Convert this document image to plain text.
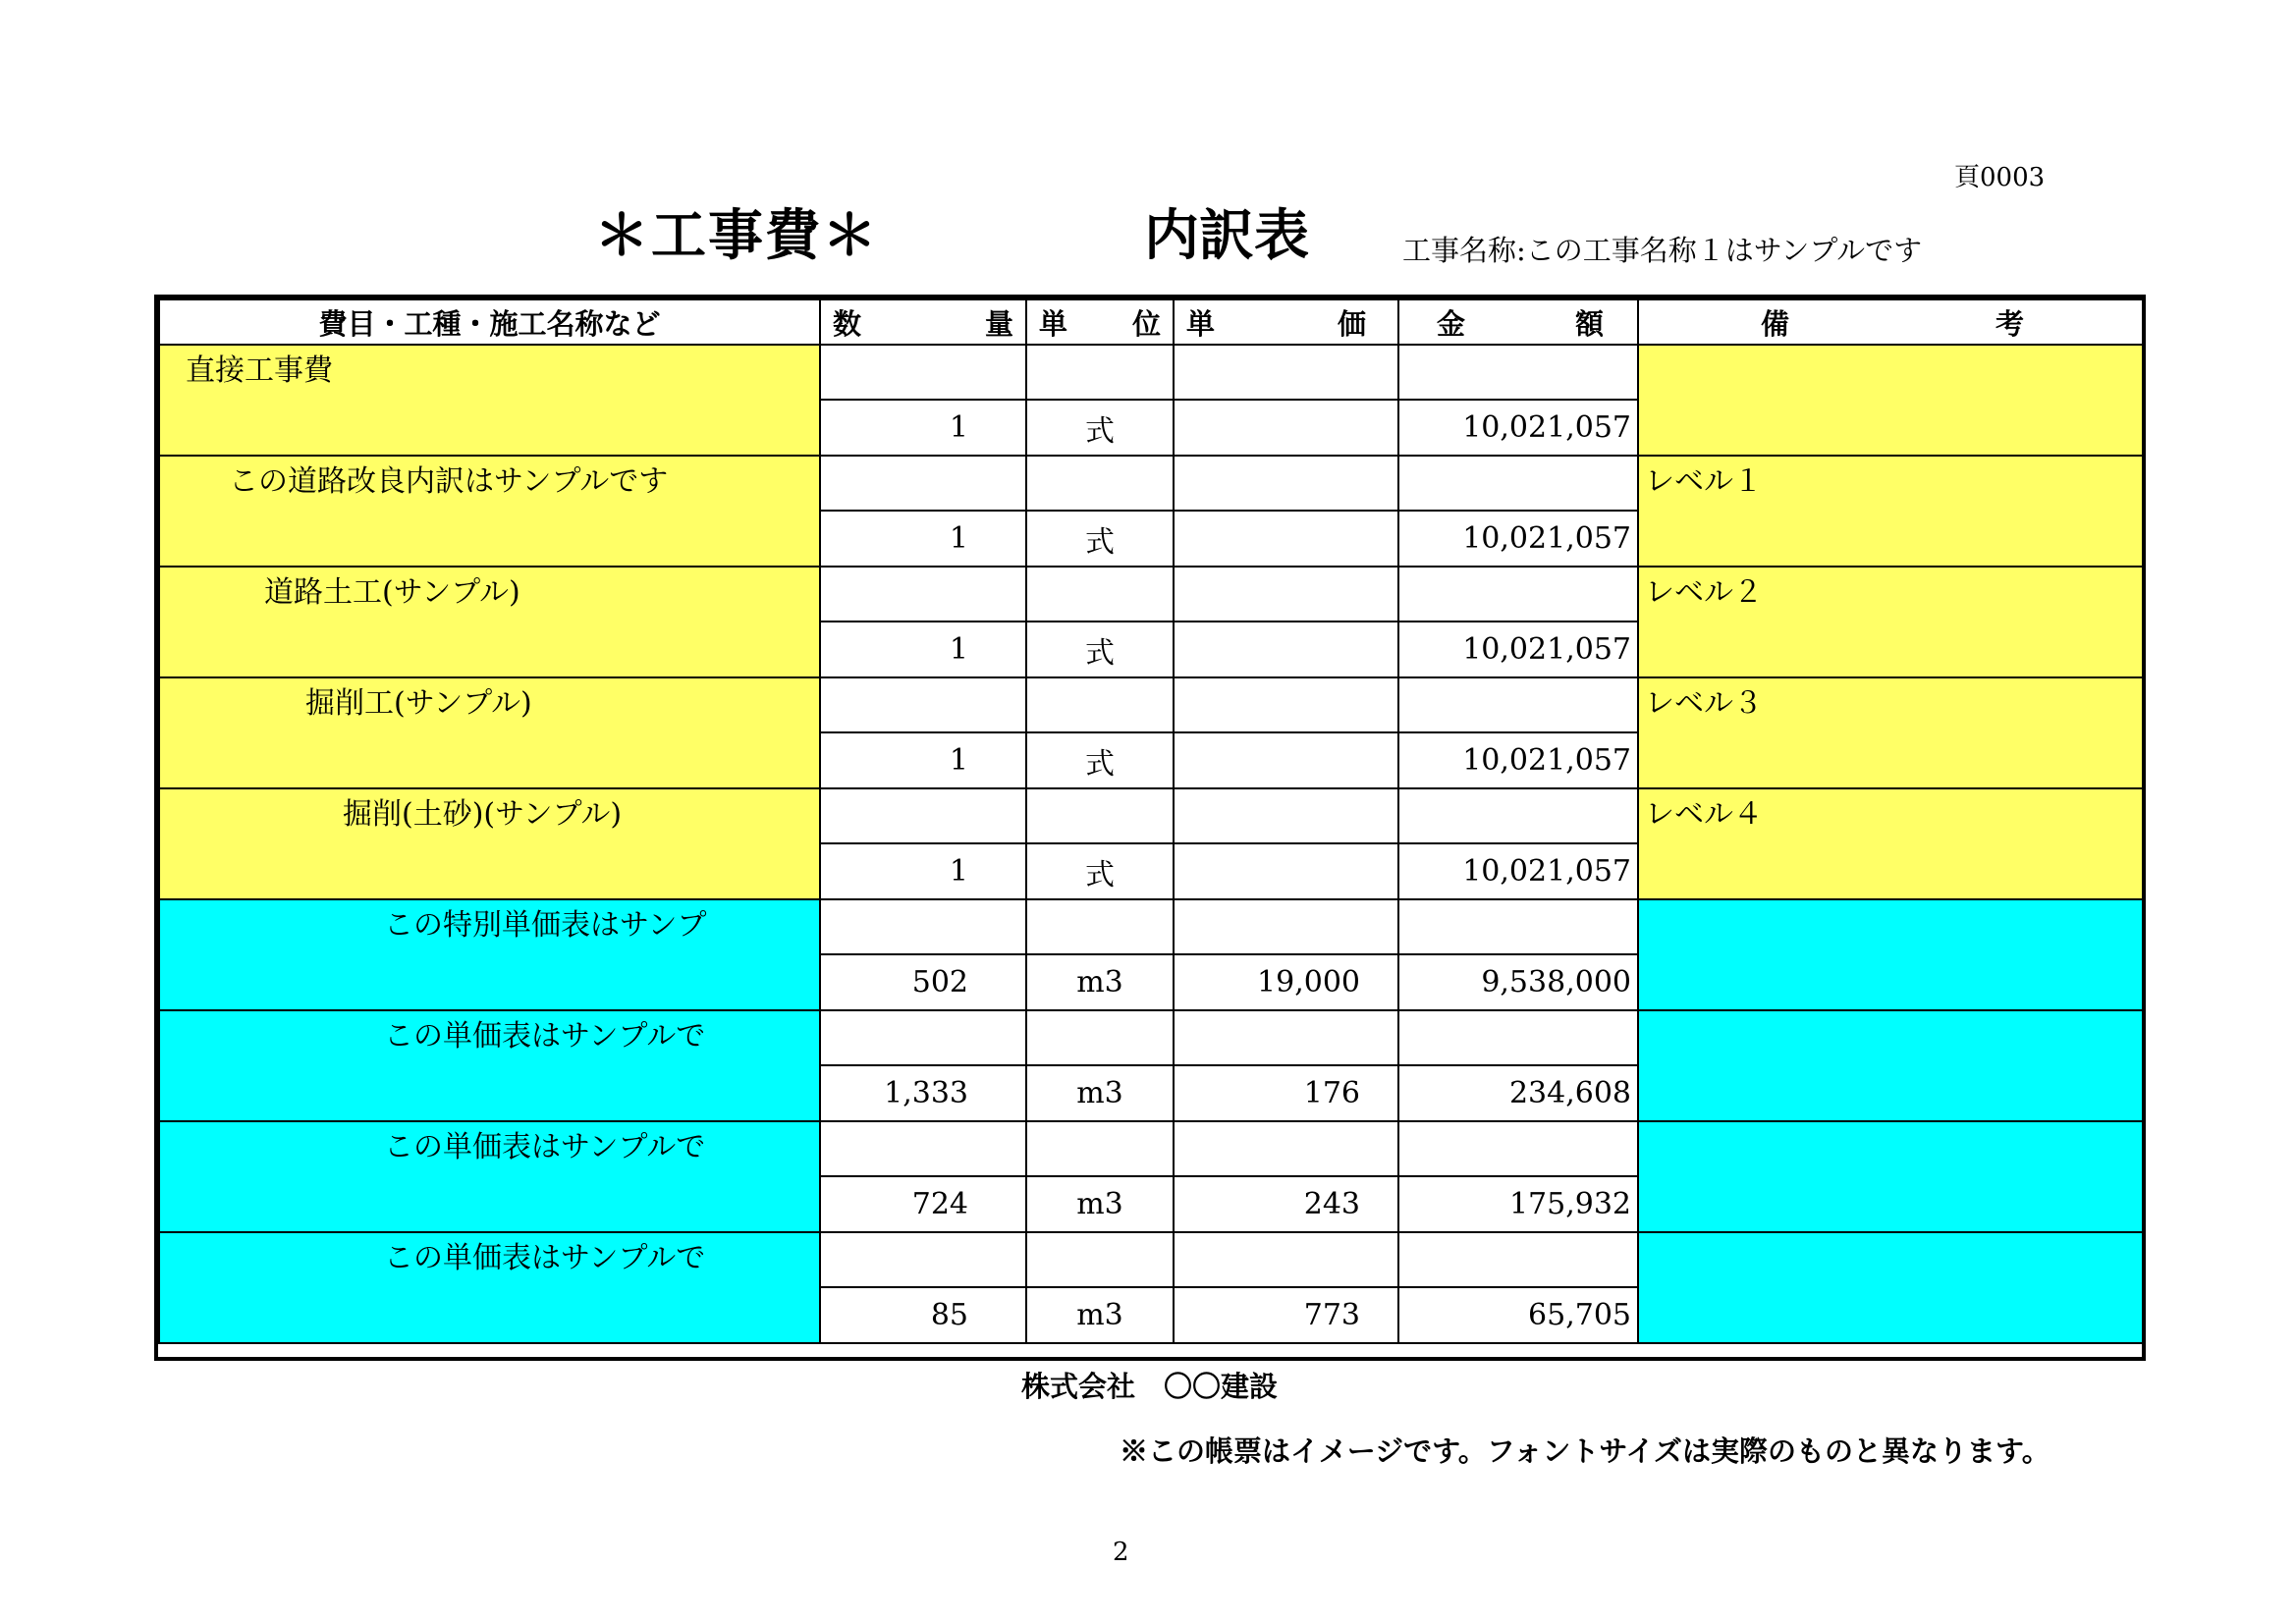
頁0003
＊工事費＊	内訳表	工事名称:この工事名称１はサンプルです
費目・工種・施工名称など	数 量	単 位	単 価	金 額	備 考

直接工事費					
	1	式		10,021,057	
この道路改良内訳はサンプルです					レベル１
	1	式		10,021,057	
道路土工(サンプル)					レベル２
	1	式		10,021,057	
掘削工(サンプル)					レベル３
	1	式		10,021,057	
掘削(土砂)(サンプル)					レベル４
	1	式		10,021,057	
この特別単価表はサンプ					
	502	m3	19,000	9,538,000	
この単価表はサンプルで					
	1,333	m3	176	234,608	
この単価表はサンプルで					
	724	m3	243	175,932	
この単価表はサンプルで					
	85	m3	773	65,705	
株式会社　〇〇建設
※この帳票はイメージです。フォントサイズは実際のものと異なります。
2
